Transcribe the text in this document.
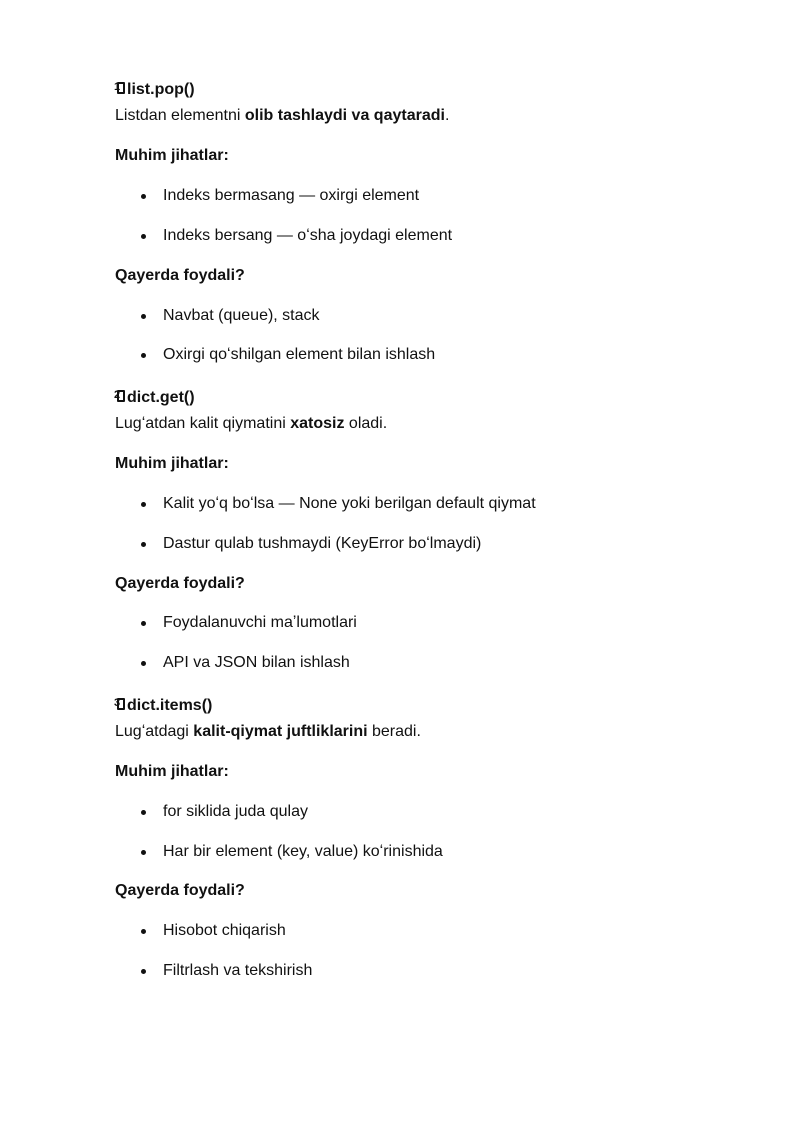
1 list.pop()
Listdan elementni olib tashlaydi va qaytaradi.
Muhim jihatlar:
Indeks bermasang — oxirgi element
Indeks bersang — oʻsha joydagi element
Qayerda foydali?
Navbat (queue), stack
Oxirgi qoʻshilgan element bilan ishlash
2 dict.get()
Lugʻatdan kalit qiymatini xatosiz oladi.
Muhim jihatlar:
Kalit yoʻq boʻlsa — None yoki berilgan default qiymat
Dastur qulab tushmaydi (KeyError boʻlmaydi)
Qayerda foydali?
Foydalanuvchi maʼlumotlari
API va JSON bilan ishlash
3 dict.items()
Lugʻatdagi kalit-qiymat juftliklarini beradi.
Muhim jihatlar:
for siklida juda qulay
Har bir element (key, value) koʻrinishida
Qayerda foydali?
Hisobot chiqarish
Filtrlash va tekshirish
